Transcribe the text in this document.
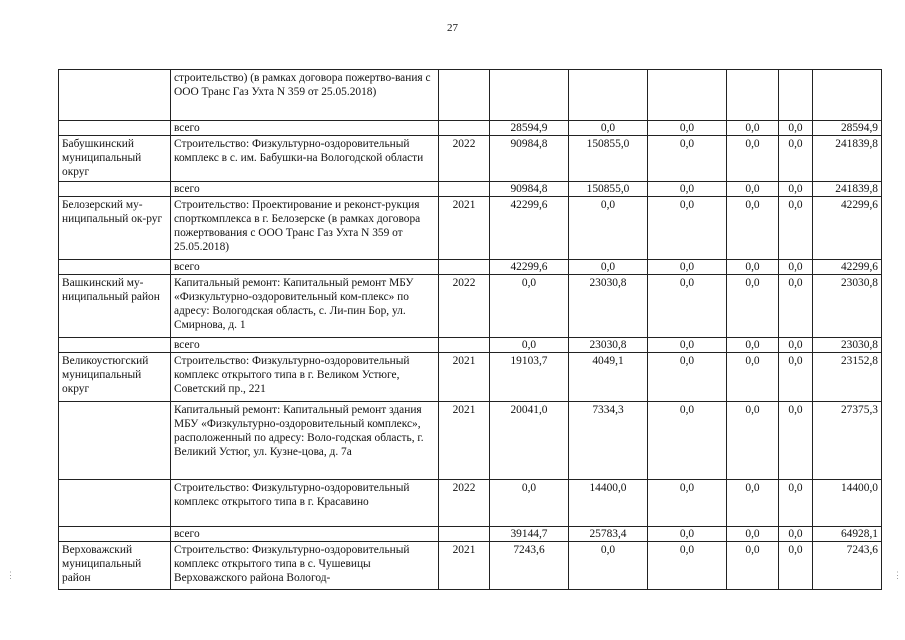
27
	строительство) (в рамках договора пожертво-вания с ООО Транс Газ Ухта N 359 от 25.05.2018)							
	всего		28594,9	0,0	0,0	0,0	0,0	28594,9
Бабушкинский муниципальный округ	Строительство: Физкультурно-оздоровительный комплекс в с. им. Бабушки-на Вологодской области	2022	90984,8	150855,0	0,0	0,0	0,0	241839,8
	всего		90984,8	150855,0	0,0	0,0	0,0	241839,8
Белозерский му-ниципальный ок-руг	Строительство: Проектирование и реконст-рукция спорткомплекса в г. Белозерске (в рамках договора пожертвования с ООО Транс Газ Ухта N 359 от 25.05.2018)	2021	42299,6	0,0	0,0	0,0	0,0	42299,6
	всего		42299,6	0,0	0,0	0,0	0,0	42299,6
Вашкинский му-ниципальный район	Капитальный ремонт: Капитальный ремонт МБУ «Физкультурно-оздоровительный ком-плекс» по адресу: Вологодская область, с. Ли-пин Бор, ул. Смирнова, д. 1	2022	0,0	23030,8	0,0	0,0	0,0	23030,8
	всего		0,0	23030,8	0,0	0,0	0,0	23030,8
Великоустюгский муниципальный округ	Строительство: Физкультурно-оздоровительный комплекс открытого типа в г. Великом Устюге, Советский пр., 221	2021	19103,7	4049,1	0,0	0,0	0,0	23152,8
	Капитальный ремонт: Капитальный ремонт здания МБУ «Физкультурно-оздоровительный комплекс», расположенный по адресу: Воло-годская область, г. Великий Устюг, ул. Кузне-цова, д. 7а	2021	20041,0	7334,3	0,0	0,0	0,0	27375,3
	Строительство: Физкультурно-оздоровительный комплекс открытого типа в г. Красавино	2022	0,0	14400,0	0,0	0,0	0,0	14400,0
	всего		39144,7	25783,4	0,0	0,0	0,0	64928,1
Верховажский муниципальный район	Строительство: Физкультурно-оздоровительный комплекс открытого типа в с. Чушевицы Верховажского района Вологод-	2021	7243,6	0,0	0,0	0,0	0,0	7243,6
⋮	⋮
